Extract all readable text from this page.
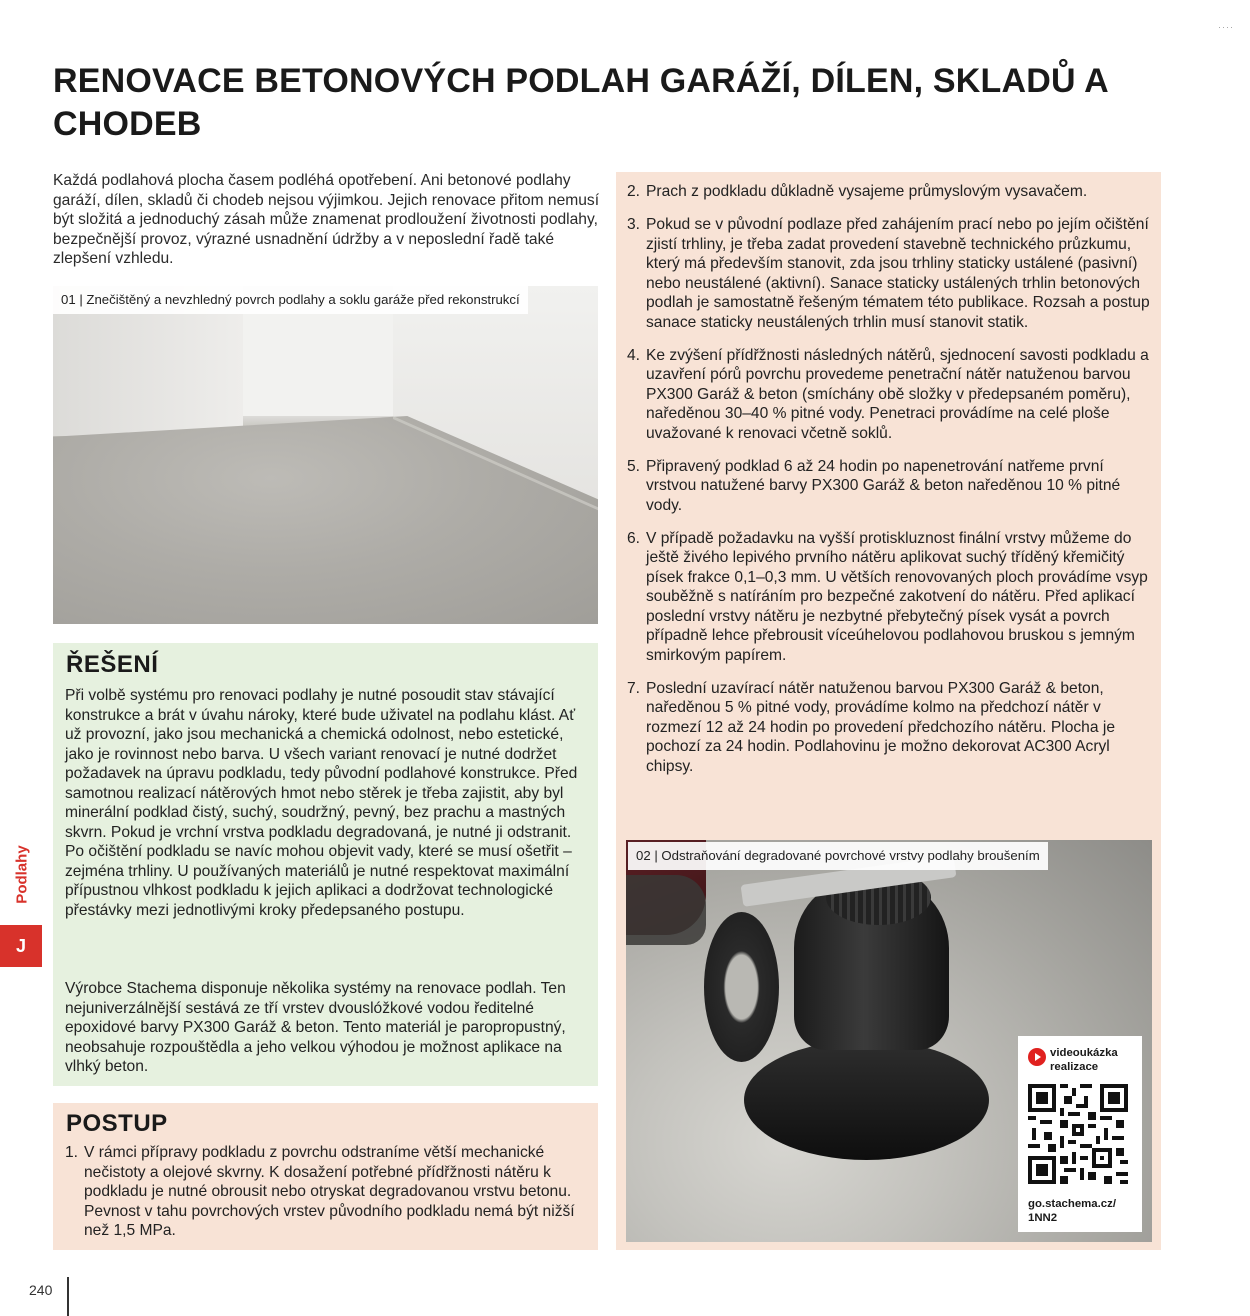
····
RENOVACE BETONOVÝCH PODLAH GARÁŽÍ, DÍLEN, SKLADŮ A CHODEB

Každá podlahová plocha časem podléhá opotřebení. Ani betonové podlahy garáží, dílen, skladů či chodeb nejsou výjimkou. Jejich renovace přitom nemusí být složitá a jednoduchý zásah může znamenat prodloužení životnosti podlahy, bezpečnější provoz, výrazné usnadnění údržby a v neposlední řadě také zlepšení vzhledu.

01 | Znečištěný a nevzhledný povrch podlahy a soklu garáže před rekonstrukcí
ŘEŠENÍ

Při volbě systému pro renovaci podlahy je nutné posoudit stav stávající konstrukce a brát v úvahu nároky, které bude uživatel na podlahu klást. Ať už provozní, jako jsou mechanická a chemická odolnost, nebo estetické, jako je rovinnost nebo barva. U všech variant renovací je nutné dodržet požadavek na úpravu podkladu, tedy původní podlahové konstrukce. Před samotnou realizací nátěrových hmot nebo stěrek je třeba zajistit, aby byl minerální podklad čistý, suchý, soudržný, pevný, bez prachu a mastných skvrn. Pokud je vrchní vrstva podkladu degradovaná, je nutné ji odstranit. Po očištění podkladu se navíc mohou objevit vady, které se musí ošetřit – zejména trhliny. U používaných materiálů je nutné respektovat maximální přípustnou vlhkost podkladu k jejich aplikaci a dodržovat technologické přestávky mezi jednotlivými kroky předepsaného postupu.

Výrobce Stachema disponuje několika systémy na renovace podlah. Ten nejuniverzálnější sestává ze tří vrstev dvouslóžkové vodou ředitelné epoxidové barvy PX300 Garáž & beton. Tento materiál je paropropustný, neobsahuje rozpouštědla a jeho velkou výhodou je možnost aplikace na vlhký beton.

POSTUP
1. V rámci přípravy podkladu z povrchu odstraníme větší mechanické nečistoty a olejové skvrny. K dosažení potřebné přídřžnosti nátěru k podkladu je nutné obrousit nebo otryskat degradovanou vrstvu betonu. Pevnost v tahu povrchových vrstev původního podkladu nemá být nižší než 1,5 MPa.
2. Prach z podkladu důkladně vysajeme průmyslovým vysavačem.
3. Pokud se v původní podlaze před zahájením prací nebo po jejím očištění zjistí trhliny, je třeba zadat provedení stavebně technického průzkumu, který má především stanovit, zda jsou trhliny staticky ustálené (pasivní) nebo neustálené (aktivní). Sanace staticky ustálených trhlin betonových podlah je samostatně řešeným tématem této publikace. Rozsah a postup sanace staticky neustálených trhlin musí stanovit statik.
4. Ke zvýšení přídřžnosti následných nátěrů, sjednocení savosti podkladu a uzavření pórů povrchu provedeme penetrační nátěr natuženou barvou PX300 Garáž & beton (smíchány obě složky v předepsaném poměru), naředěnou 30–40 % pitné vody. Penetraci provádíme na celé ploše uvažované k renovaci včetně soklů.
5. Připravený podklad 6 až 24 hodin po napenetrování natřeme první vrstvou natužené barvy PX300 Garáž & beton naředěnou 10 % pitné vody.
6. V případě požadavku na vyšší protiskluznost finální vrstvy můžeme do ještě živého lepivého prvního nátěru aplikovat suchý tříděný křemičitý písek frakce 0,1–0,3 mm. U větších renovovaných ploch provádíme vsyp souběžně s natíráním pro bezpečné zakotvení do nátěru. Před aplikací poslední vrstvy nátěru je nezbytné přebytečný písek vysát a povrch případně lehce přebrousit víceúhelovou podlahovou bruskou s jemným smirkovým papírem.
7. Poslední uzavírací nátěr natuženou barvou PX300 Garáž & beton, naředěnou 5 % pitné vody, provádíme kolmo na předchozí nátěr v rozmezí 12 až 24 hodin po provedení předchozího nátěru. Plocha je pochozí za 24 hodin. Podlahovinu je možno dekorovat AC300 Acryl chipsy.
02 | Odstraňování degradované povrchové vrstvy podlahy broušením
videoukázka realizace
go.stachema.cz/ 1NN2
Podlahy
J
240
